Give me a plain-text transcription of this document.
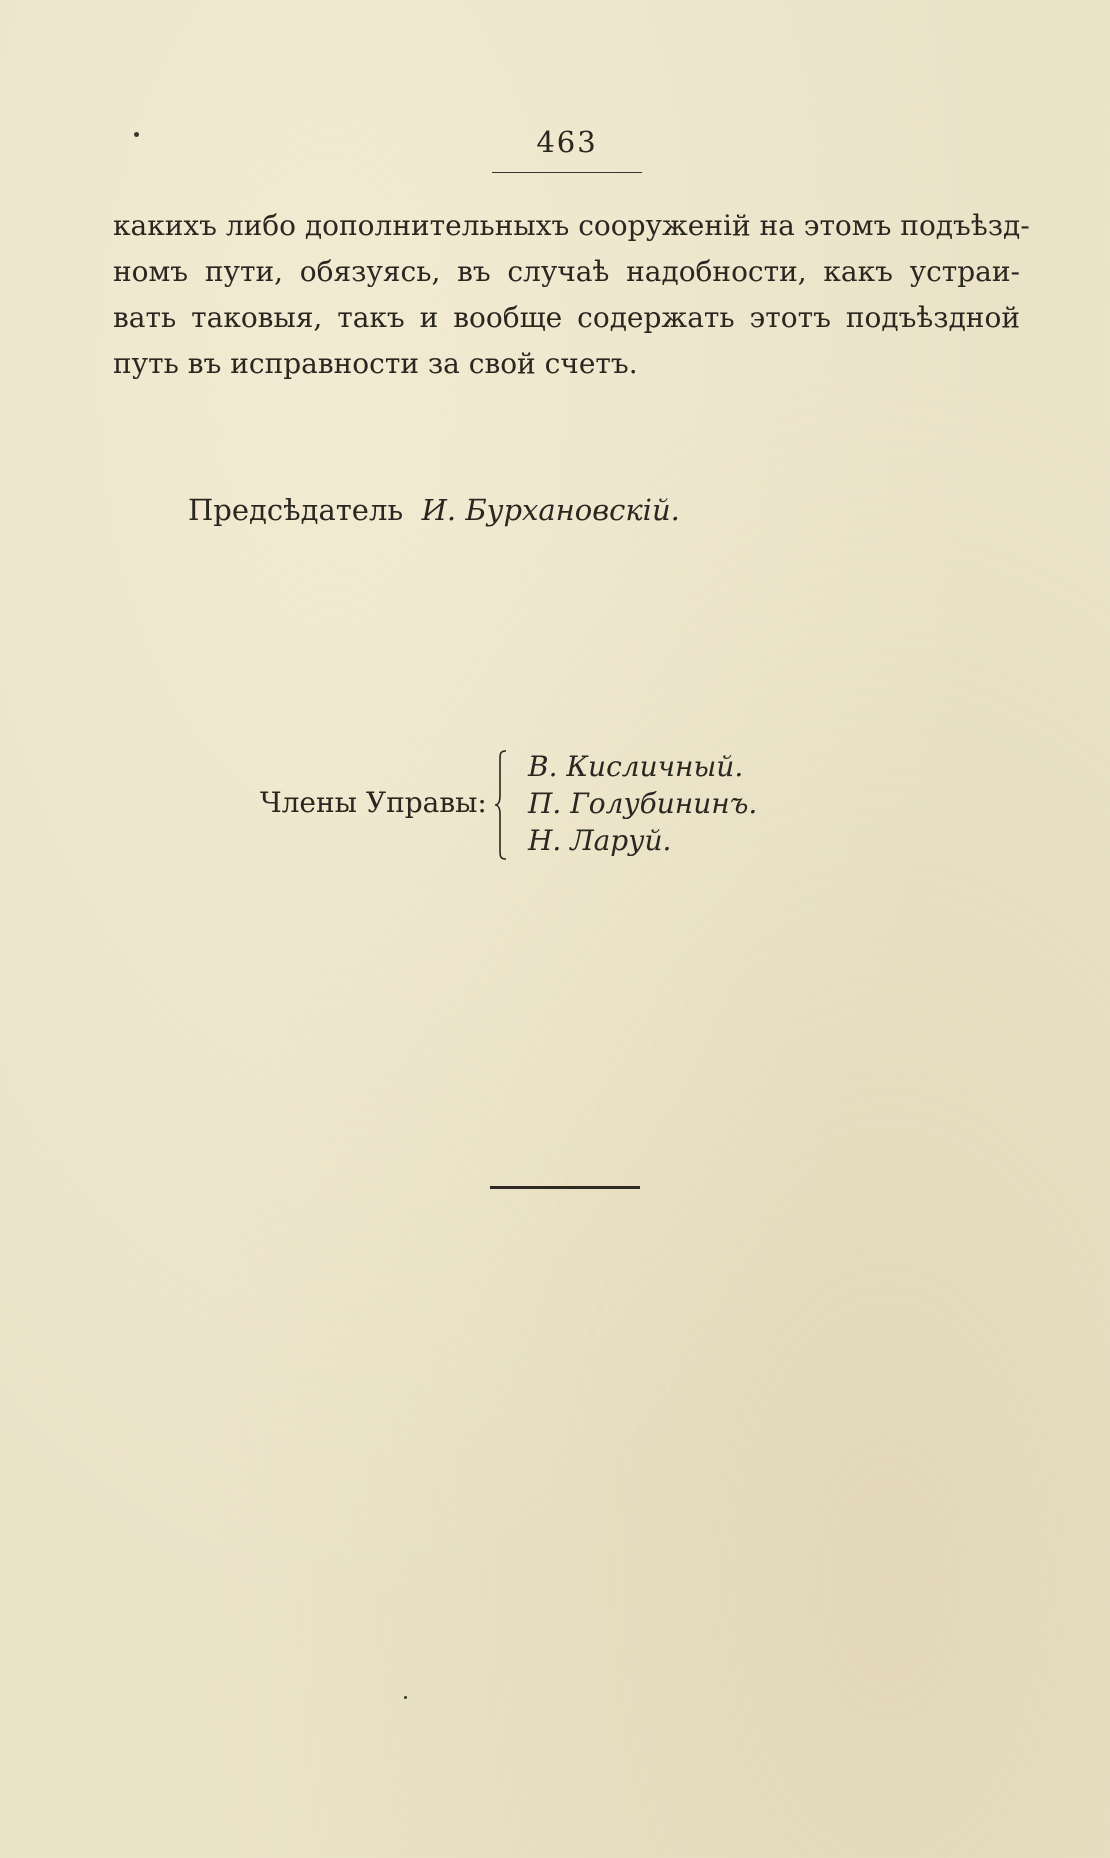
463
какихъ либо дополнительныхъ сооруженій на этомъ подъѣзд-
номъ пути, обязуясь, въ случаѣ надобности, какъ устраи-
вать таковыя, такъ и вообще содержать этотъ подъѣздной
путь въ исправности за свой счетъ.
Предсѣдатель И. Бурхановскій.
Члены Управы:
В. Кисличный.
П. Голубининъ.
Н. Ларуй.
